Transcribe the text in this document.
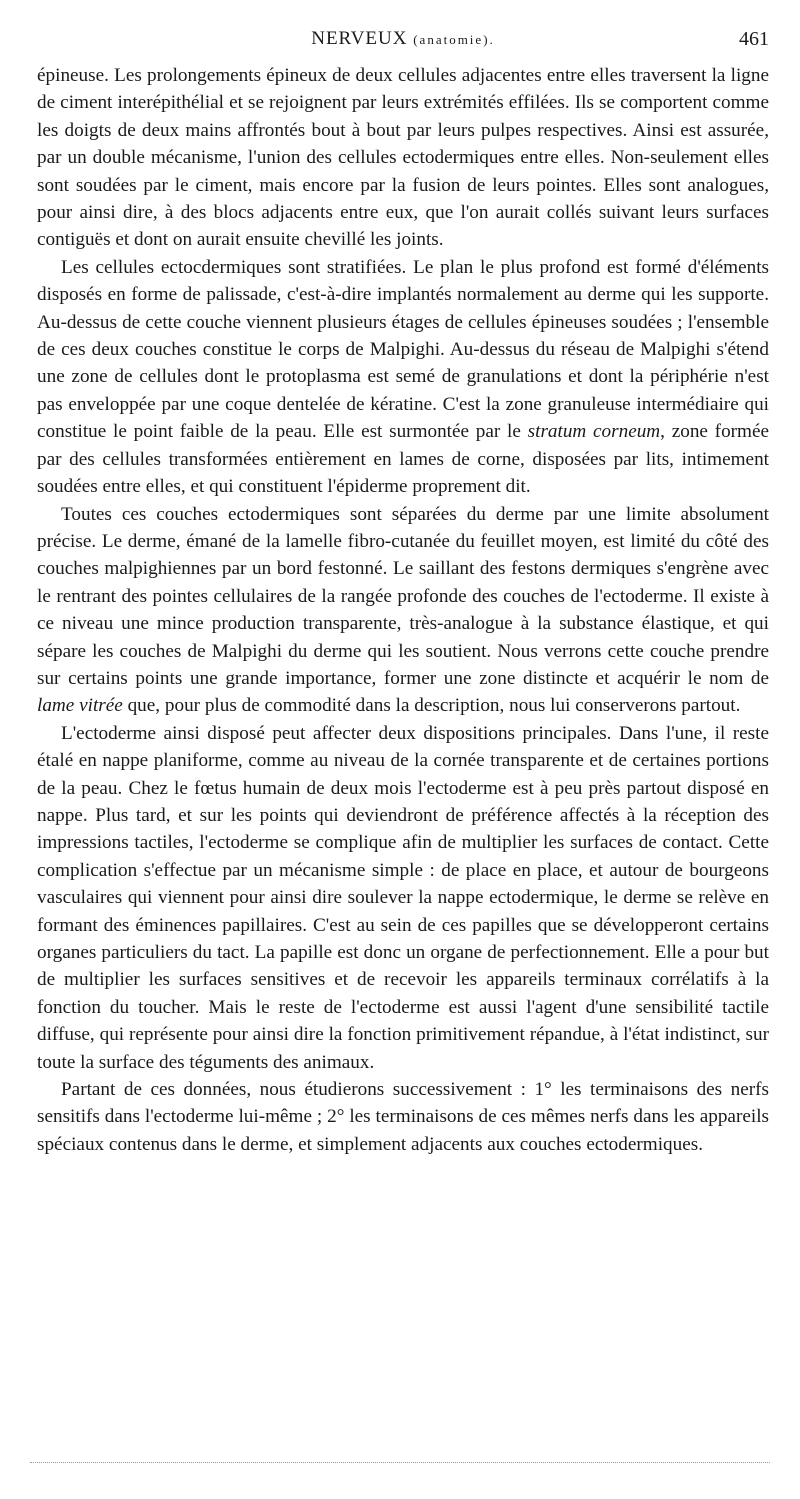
NERVEUX (anatomie).	461

épineuse. Les prolongements épineux de deux cellules adjacentes entre elles traversent la ligne de ciment interépithélial et se rejoignent par leurs extrémités effilées. Ils se comportent comme les doigts de deux mains affrontés bout à bout par leurs pulpes respectives. Ainsi est assurée, par un double mécanisme, l'union des cellules ectodermiques entre elles. Non-seulement elles sont soudées par le ciment, mais encore par la fusion de leurs pointes. Elles sont analogues, pour ainsi dire, à des blocs adjacents entre eux, que l'on aurait collés suivant leurs surfaces contiguës et dont on aurait ensuite chevillé les joints.

Les cellules ectocdermiques sont stratifiées. Le plan le plus profond est formé d'éléments disposés en forme de palissade, c'est-à-dire implantés normalement au derme qui les supporte. Au-dessus de cette couche viennent plusieurs étages de cellules épineuses soudées ; l'ensemble de ces deux couches constitue le corps de Malpighi. Au-dessus du réseau de Malpighi s'étend une zone de cellules dont le protoplasma est semé de granulations et dont la périphérie n'est pas enveloppée par une coque dentelée de kératine. C'est la zone granuleuse intermédiaire qui constitue le point faible de la peau. Elle est surmontée par le stratum corneum, zone formée par des cellules transformées entièrement en lames de corne, disposées par lits, intimement soudées entre elles, et qui constituent l'épiderme proprement dit.

Toutes ces couches ectodermiques sont séparées du derme par une limite absolument précise. Le derme, émané de la lamelle fibro-cutanée du feuillet moyen, est limité du côté des couches malpighiennes par un bord festonné. Le saillant des festons dermiques s'engrène avec le rentrant des pointes cellulaires de la rangée profonde des couches de l'ectoderme. Il existe à ce niveau une mince production transparente, très-analogue à la substance élastique, et qui sépare les couches de Malpighi du derme qui les soutient. Nous verrons cette couche prendre sur certains points une grande importance, former une zone distincte et acquérir le nom de lame vitrée que, pour plus de commodité dans la description, nous lui conserverons partout.

L'ectoderme ainsi disposé peut affecter deux dispositions principales. Dans l'une, il reste étalé en nappe planiforme, comme au niveau de la cornée transparente et de certaines portions de la peau. Chez le fœtus humain de deux mois l'ectoderme est à peu près partout disposé en nappe. Plus tard, et sur les points qui deviendront de préférence affectés à la réception des impressions tactiles, l'ectoderme se complique afin de multiplier les surfaces de contact. Cette complication s'effectue par un mécanisme simple : de place en place, et autour de bourgeons vasculaires qui viennent pour ainsi dire soulever la nappe ectodermique, le derme se relève en formant des éminences papillaires. C'est au sein de ces papilles que se développeront certains organes particuliers du tact. La papille est donc un organe de perfectionnement. Elle a pour but de multiplier les surfaces sensitives et de recevoir les appareils terminaux corrélatifs à la fonction du toucher. Mais le reste de l'ectoderme est aussi l'agent d'une sensibilité tactile diffuse, qui représente pour ainsi dire la fonction primitivement répandue, à l'état indistinct, sur toute la surface des téguments des animaux.

Partant de ces données, nous étudierons successivement : 1° les terminaisons des nerfs sensitifs dans l'ectoderme lui-même ; 2° les terminaisons de ces mêmes nerfs dans les appareils spéciaux contenus dans le derme, et simplement adjacents aux couches ectodermiques.
